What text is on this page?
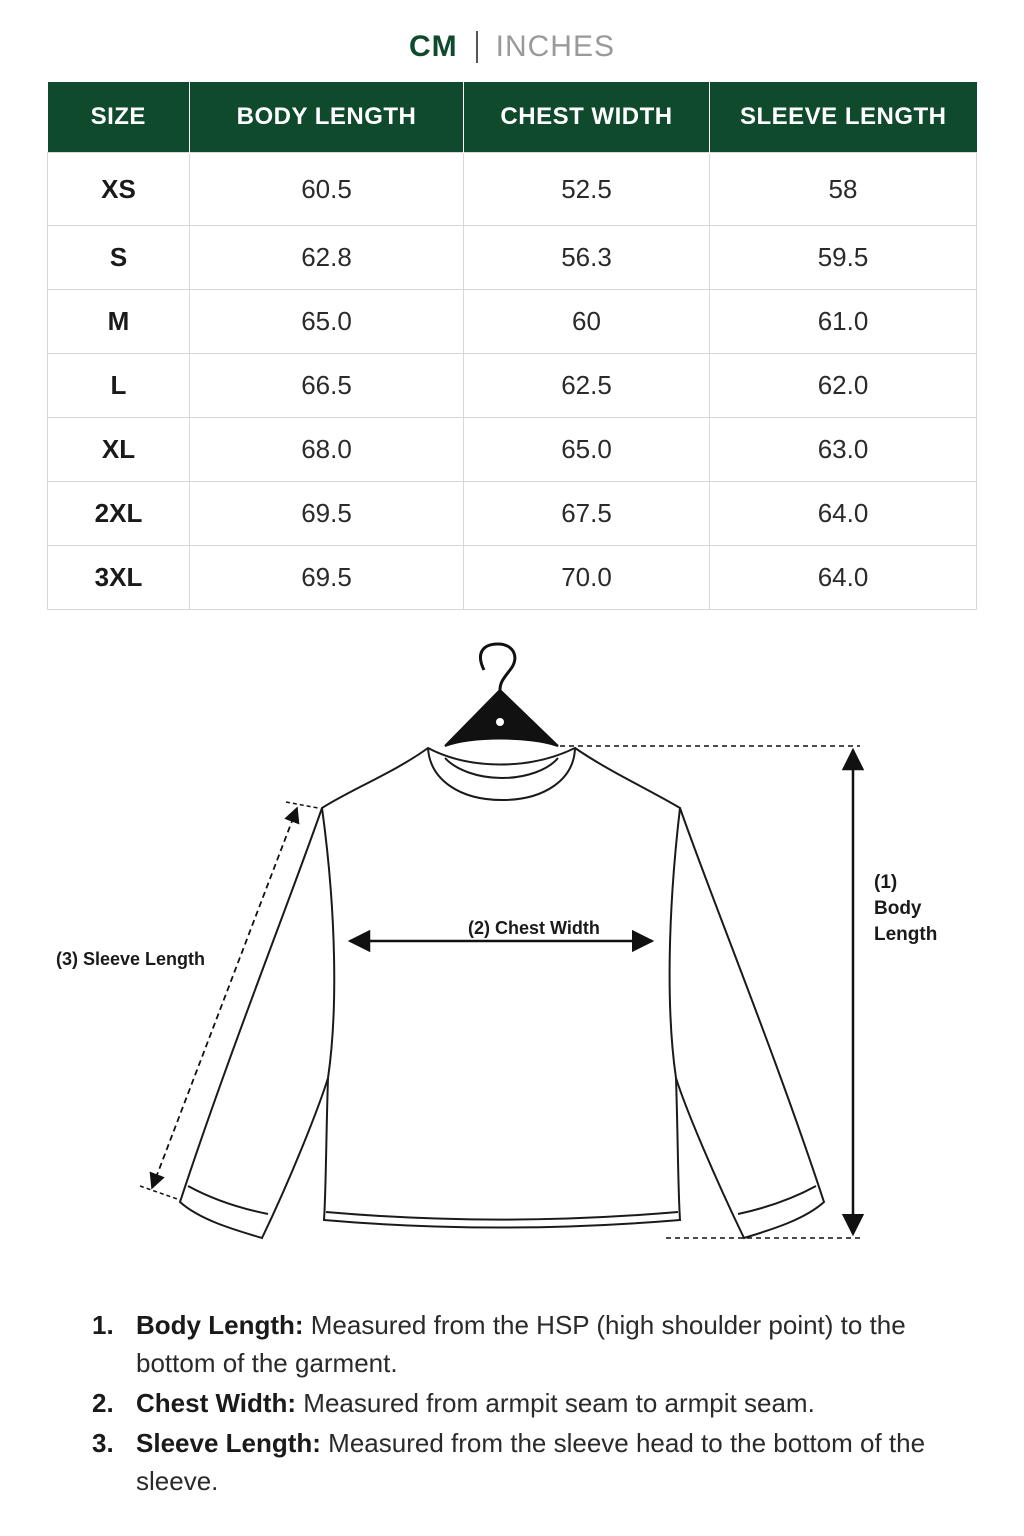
CM INCHES
SIZE	BODY LENGTH	CHEST WIDTH	SLEEVE LENGTH
XS	60.5	52.5	58
S	62.8	56.3	59.5
M	65.0	60	61.0
L	66.5	62.5	62.0
XL	68.0	65.0	63.0
2XL	69.5	67.5	64.0
3XL	69.5	70.0	64.0
(1)
Body
Length
(2) Chest Width
(3) Sleeve Length
1. Body Length: Measured from the HSP (high shoulder point) to the bottom of the garment.
2. Chest Width: Measured from armpit seam to armpit seam.
3. Sleeve Length: Measured from the sleeve head to the bottom of the sleeve.
